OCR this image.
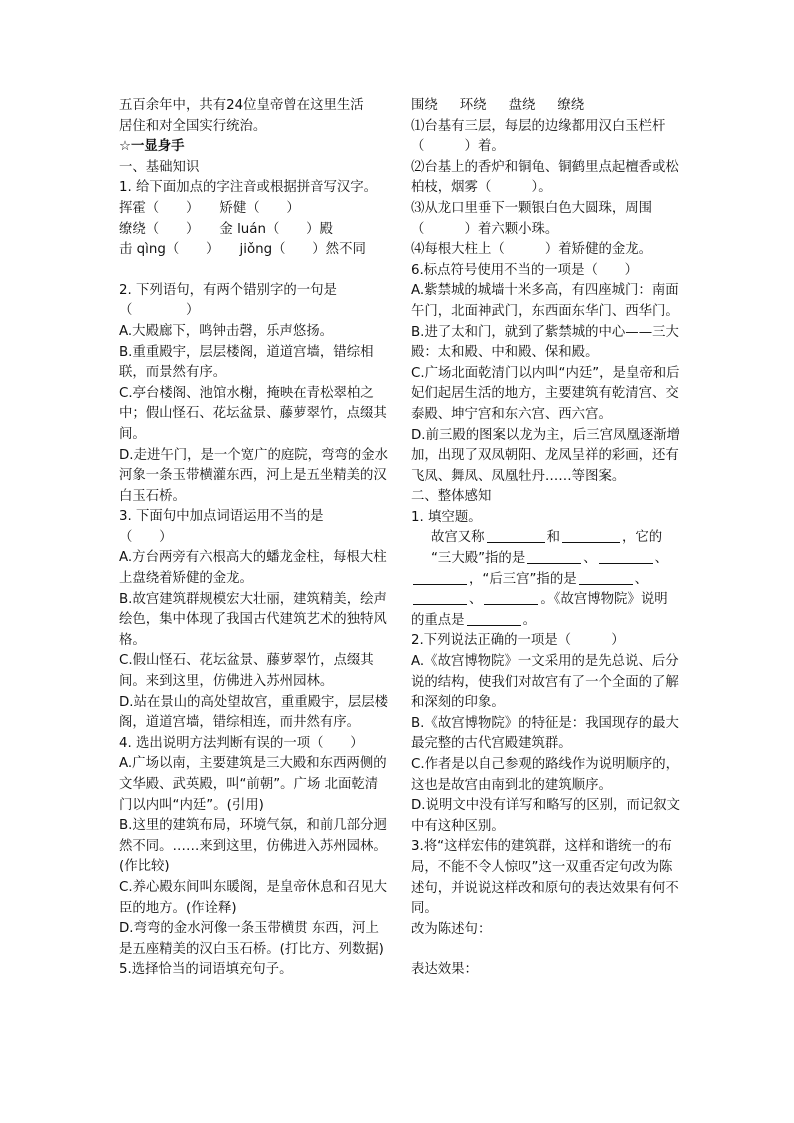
五百余年中，共有24位皇帝曾在这里生活
居住和对全国实行统治。
☆一显身手
一、基础知识
1. 给下面加点的字注音或根据拼音写汉字。
挥霍（　　）　　矫健（　　）
缭绕（　　）　　金 luán（　　）殿
击 qìng（　　）　　jiǒng（　　）然不同
2. 下列语句，有两个错别字的一句是
（　　　　）
A.大殿廊下，鸣钟击磬，乐声悠扬。
B.重重殿宇，层层楼阁，道道宫墙，错综相联，而景然有序。
C.亭台楼阁、池馆水榭，掩映在青松翠柏之中；假山怪石、花坛盆景、藤萝翠竹，点缀其间。
D.走进午门，是一个宽广的庭院，弯弯的金水河象一条玉带横灌东西，河上是五坐精美的汉白玉石桥。
3. 下面句中加点词语运用不当的是
（　　）
A.方台两旁有六根高大的蟠龙金柱，每根大柱上盘绕着矫健的金龙。
B.故宫建筑群规模宏大壮丽，建筑精美，绘声绘色，集中体现了我国古代建筑艺术的独特风格。
C.假山怪石、花坛盆景、藤萝翠竹，点缀其间。来到这里，仿佛进入苏州园林。
D.站在景山的高处望故宫，重重殿宇，层层楼阁，道道宫墙，错综相连，而井然有序。
4. 选出说明方法判断有误的一项（　　）
A.广场以南，主要建筑是三大殿和东西两侧的文华殿、武英殿，叫“前朝”。广场 北面乾清门以内叫“内廷”。(引用)
B.这里的建筑布局，环境气氛，和前几部分迥然不同。……来到这里，仿佛进入苏州园林。(作比较)
C.养心殿东间叫东暖阁，是皇帝休息和召见大臣的地方。(作诠释)
D.弯弯的金水河像一条玉带横贯 东西，河上是五座精美的汉白玉石桥。(打比方、列数据)
5.选择恰当的词语填充句子。
围绕 环绕 盘绕 缭绕
⑴台基有三层，每层的边缘都用汉白玉栏杆（　　　）着。
⑵台基上的香炉和铜龟、铜鹤里点起檀香或松柏枝，烟雾（　　　）。
⑶从龙口里垂下一颗银白色大圆珠，周围（　　　）着六颗小珠。
⑷每根大柱上（　　　）着矫健的金龙。
6.标点符号使用不当的一项是（　　）
A.紫禁城的城墙十米多高，有四座城门：南面午门，北面神武门，东西面东华门、西华门。
B.进了太和门，就到了紫禁城的中心——三大殿：太和殿、中和殿、保和殿。
C.广场北面乾清门以内叫“内廷”，是皇帝和后妃们起居生活的地方，主要建筑有乾清宫、交泰殿、坤宁宫和东六宫、西六宫。
D.前三殿的图案以龙为主，后三宫凤凰逐渐增加，出现了双凤朝阳、龙凤呈祥的彩画，还有飞凤、舞凤、凤凰牡丹……等图案。
二、整体感知
1. 填空题。
故宫又称	和	，它的
“三大殿”指的是	、	、
，“后三宫”指的是	、
、	。《故宫博物院》说明
的重点是	。
2.下列说法正确的一项是（　　　）
A.《故宫博物院》一文采用的是先总说、后分说的结构，使我们对故宫有了一个全面的了解和深刻的印象。
B.《故宫博物院》的特征是：我国现存的最大最完整的古代宫殿建筑群。
C.作者是以自己参观的路线作为说明顺序的，这也是故宫由南到北的建筑顺序。
D.说明文中没有详写和略写的区别，而记叙文中有这种区别。
3.将“这样宏伟的建筑群，这样和谐统一的布局，不能不令人惊叹”这一双重否定句改为陈述句，并说说这样改和原句的表达效果有何不同。
改为陈述句：
表达效果：
